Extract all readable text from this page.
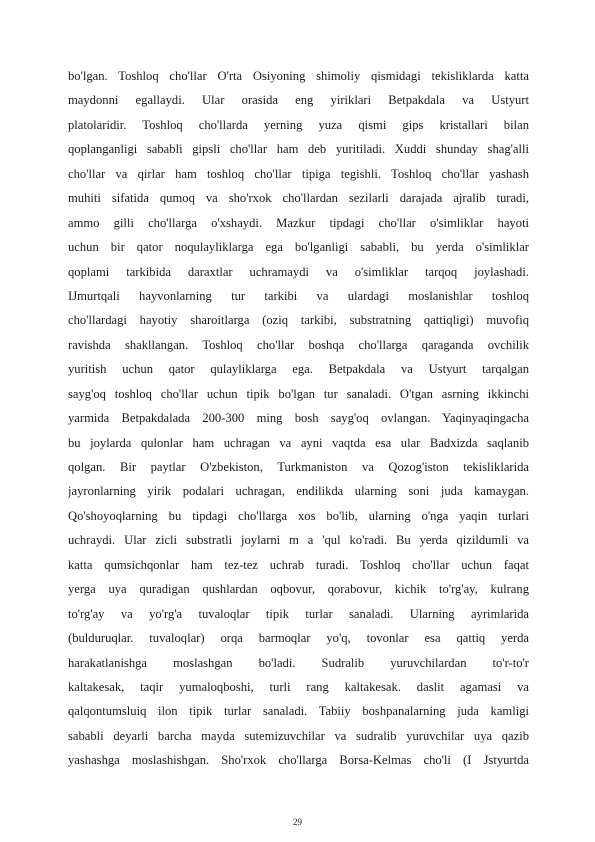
bo'lgan. Toshloq cho'llar O'rta Osiyoning shimoliy qismidagi tekisliklarda katta
maydonni egallaydi. Ular orasida eng yiriklari Betpakdala va Ustyurt
platolaridir. Toshloq cho'llarda yerning yuza qismi gips kristallari bilan
qoplanganligi sababli gipsli cho'llar ham deb yuritiladi. Xuddi shunday shag'alli
cho'llar va qirlar ham toshloq cho'llar tipiga tegishli. Toshloq cho'llar yashash
muhiti sifatida qumoq va sho'rxok cho'llardan sezilarli darajada ajralib turadi,
ammo gilli cho'llarga o'xshaydi. Mazkur tipdagi cho'llar o'simliklar hayoti
uchun bir qator noqulayliklarga ega bo'lganligi sababli, bu yerda o'simliklar
qoplami tarkibida daraxtlar uchramaydi va o'simliklar tarqoq joylashadi.
IJmurtqali hayvonlarning tur tarkibi va ulardagi moslanishlar toshloq
cho'llardagi hayotiy sharoitlarga (oziq tarkibi, substratning qattiqligi) muvofiq
ravishda shakllangan. Toshloq cho'llar boshqa cho'llarga qaraganda ovchilik
yuritish uchun qator qulayliklarga ega. Betpakdala va Ustyurt tarqalgan
sayg'oq toshloq cho'llar uchun tipik bo'lgan tur sanaladi. O'tgan asrning ikkinchi
yarmida Betpakdalada 200-300 ming bosh sayg'oq ovlangan. Yaqinyaqingacha
bu joylarda qulonlar ham uchragan va ayni vaqtda esa ular Badxizda saqlanib
qolgan. Bir paytlar O'zbekiston, Turkmaniston va Qozog'iston tekisliklarida
jayronlarning yirik podalari uchragan, endilikda ularning soni juda kamaygan.
Qo'shoyoqlarning bu tipdagi cho'llarga xos bo'lib, ularning o'nga yaqin turlari
uchraydi. Ular zicli substratli joylarni m a 'qul ko'radi. Bu yerda qizildumli va
katta qumsichqonlar ham tez-tez uchrab turadi. Toshloq cho'llar uchun faqat
yerga uya quradigan qushlardan oqbovur, qorabovur, kichik to'rg'ay, kulrang
to'rg'ay va yo'rg'a tuvaloqlar tipik turlar sanaladi. Ularning ayrimlarida
(bulduruqlar. tuvaloqlar) orqa barmoqlar yo'q, tovonlar esa qattiq yerda
harakatlanishga moslashgan bo'ladi. Sudralib yuruvchilardan to'r-to'r
kaltakesak, taqir yumaloqboshi, turli rang kaltakesak. daslit agamasi va
qalqontumsluiq ilon tipik turlar sanaladi. Tabiiy boshpanalarning juda kamligi
sababli deyarli barcha mayda sutemizuvchilar va sudralib yuruvchilar uya qazib
yashashga moslashishgan. Sho'rxok cho'llarga Borsa-Kelmas cho'li (I Jstyurtda
29
